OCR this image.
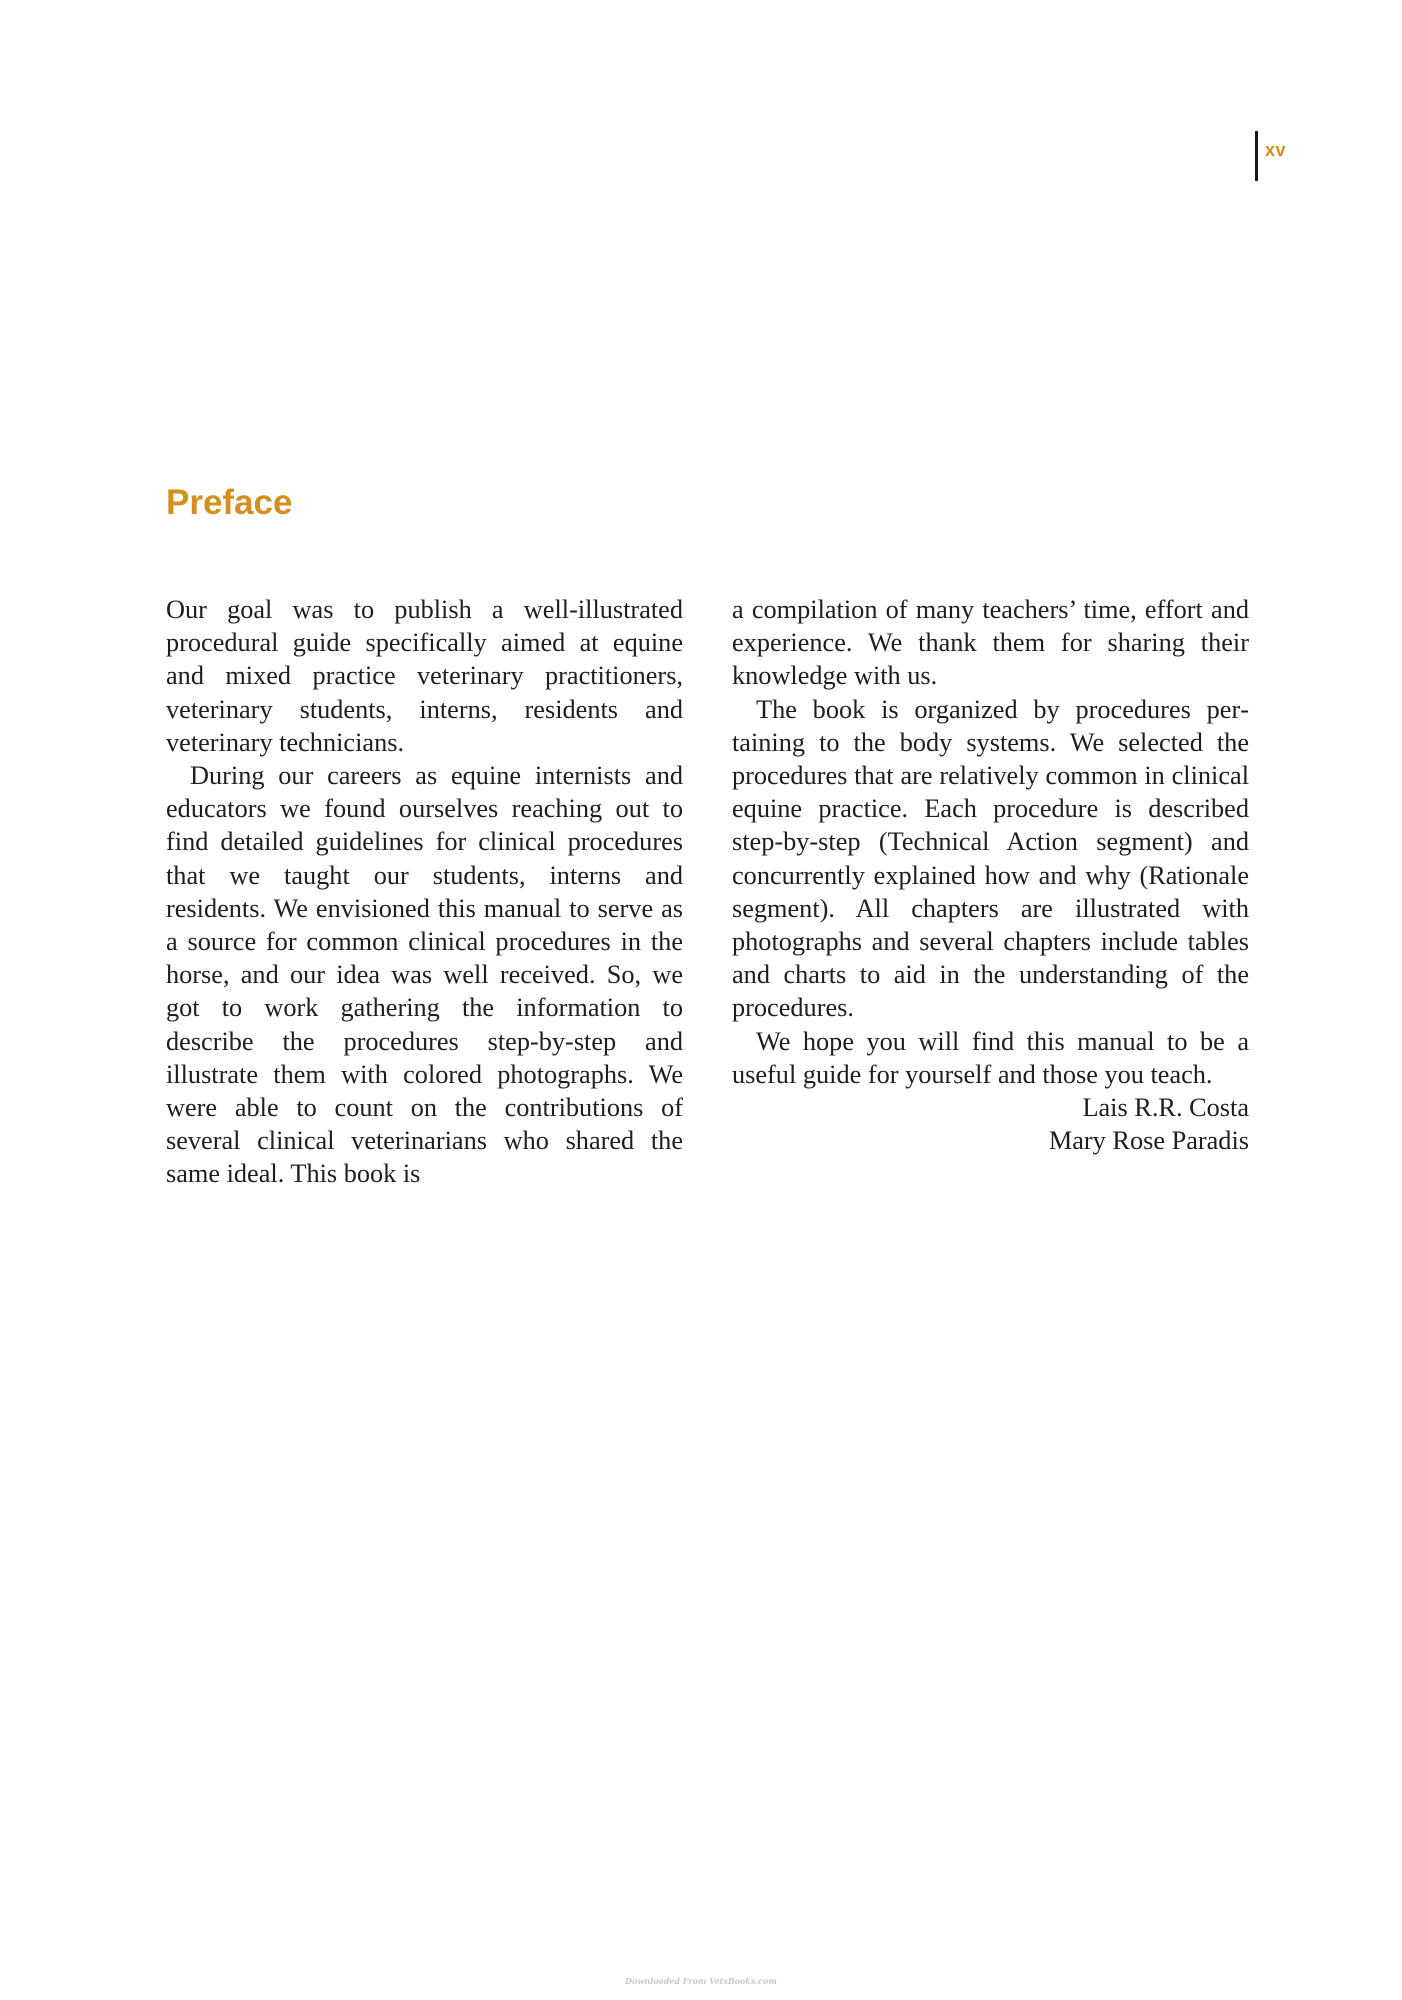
xv
Preface

Our goal was to publish a well-illustrated procedural guide specifically aimed at equine and mixed practice veterinary practitioners, veterinary students, interns, residents and veterinary technicians.

During our careers as equine internists and educators we found ourselves reaching out to find detailed guidelines for clinical procedures that we taught our students, interns and residents. We envisioned this manual to serve as a source for common clinical procedures in the horse, and our idea was well received. So, we got to work gathering the information to describe the procedures step-by-step and illustrate them with colored photographs. We were able to count on the contributions of several clinical veterinarians who shared the same ideal. This book is

a compilation of many teachers’ time, effort and experience. We thank them for sharing their knowledge with us.

The book is organized by procedures pertaining to the body systems. We selected the procedures that are relatively common in clinical equine practice. Each procedure is described step-by-step (Technical Action segment) and concurrently explained how and why (Rationale segment). All chapters are illustrated with photographs and several chapters include tables and charts to aid in the understanding of the procedures.

We hope you will find this manual to be a useful guide for yourself and those you teach.

Lais R.R. Costa
Mary Rose Paradis
Downloaded From VetsBooks.com
